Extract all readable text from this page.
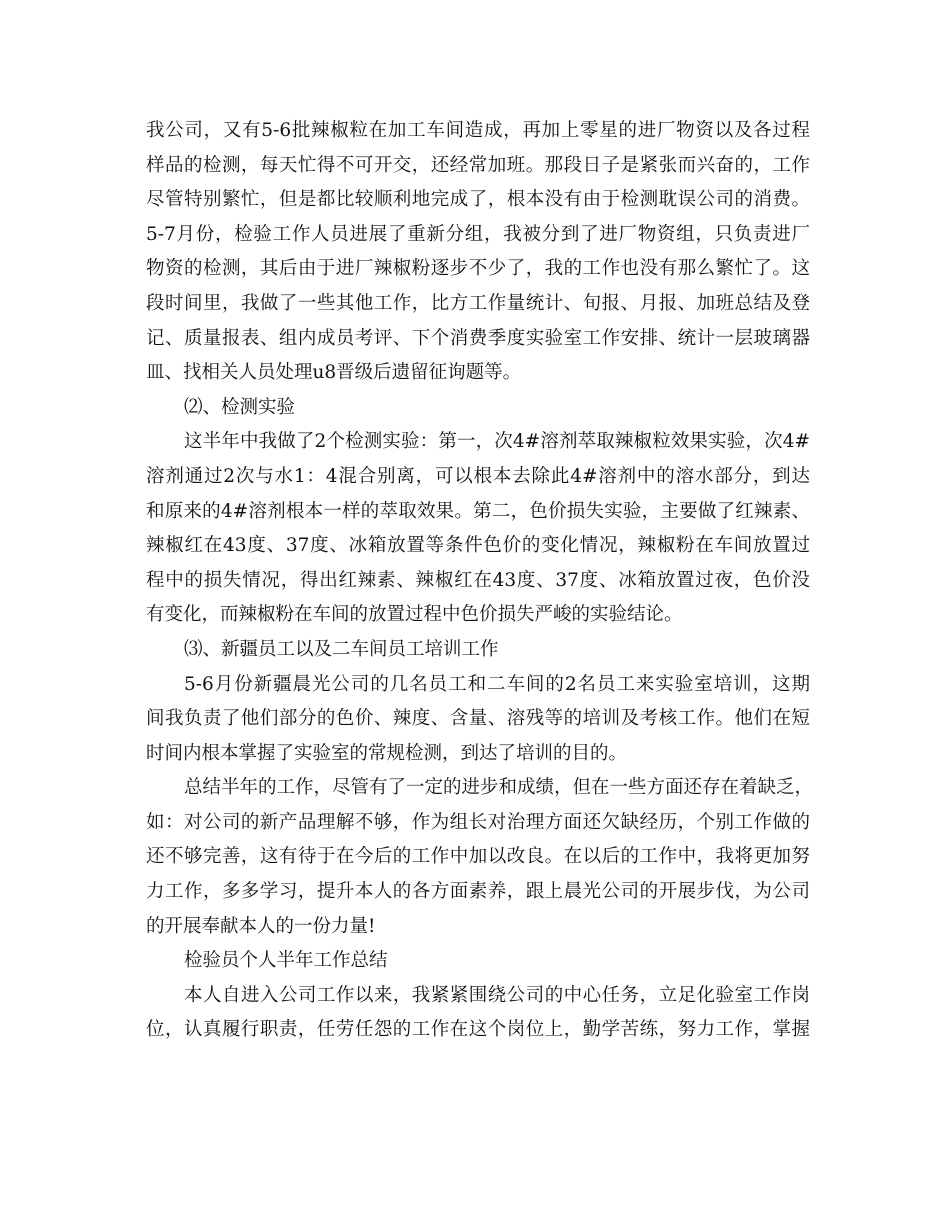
我公司，又有5-6批辣椒粒在加工车间造成，再加上零星的进厂物资以及各过程
样品的检测，每天忙得不可开交，还经常加班。那段日子是紧张而兴奋的，工作
尽管特别繁忙，但是都比较顺利地完成了，根本没有由于检测耽误公司的消费。
5-7月份，检验工作人员进展了重新分组，我被分到了进厂物资组，只负责进厂
物资的检测，其后由于进厂辣椒粉逐步不少了，我的工作也没有那么繁忙了。这
段时间里，我做了一些其他工作，比方工作量统计、旬报、月报、加班总结及登
记、质量报表、组内成员考评、下个消费季度实验室工作安排、统计一层玻璃器
皿、找相关人员处理u8晋级后遗留征询题等。
⑵、检测实验
这半年中我做了2个检测实验：第一，次4#溶剂萃取辣椒粒效果实验，次4#
溶剂通过2次与水1：4混合别离，可以根本去除此4#溶剂中的溶水部分，到达
和原来的4#溶剂根本一样的萃取效果。第二，色价损失实验，主要做了红辣素、
辣椒红在43度、37度、冰箱放置等条件色价的变化情况，辣椒粉在车间放置过
程中的损失情况，得出红辣素、辣椒红在43度、37度、冰箱放置过夜，色价没
有变化，而辣椒粉在车间的放置过程中色价损失严峻的实验结论。
⑶、新疆员工以及二车间员工培训工作
5-6月份新疆晨光公司的几名员工和二车间的2名员工来实验室培训，这期
间我负责了他们部分的色价、辣度、含量、溶残等的培训及考核工作。他们在短
时间内根本掌握了实验室的常规检测，到达了培训的目的。
总结半年的工作，尽管有了一定的进步和成绩，但在一些方面还存在着缺乏，
如：对公司的新产品理解不够，作为组长对治理方面还欠缺经历，个别工作做的
还不够完善，这有待于在今后的工作中加以改良。在以后的工作中，我将更加努
力工作，多多学习，提升本人的各方面素养，跟上晨光公司的开展步伐，为公司
的开展奉献本人的一份力量!
检验员个人半年工作总结
本人自进入公司工作以来，我紧紧围绕公司的中心任务，立足化验室工作岗
位，认真履行职责，任劳任怨的工作在这个岗位上，勤学苦练，努力工作，掌握
